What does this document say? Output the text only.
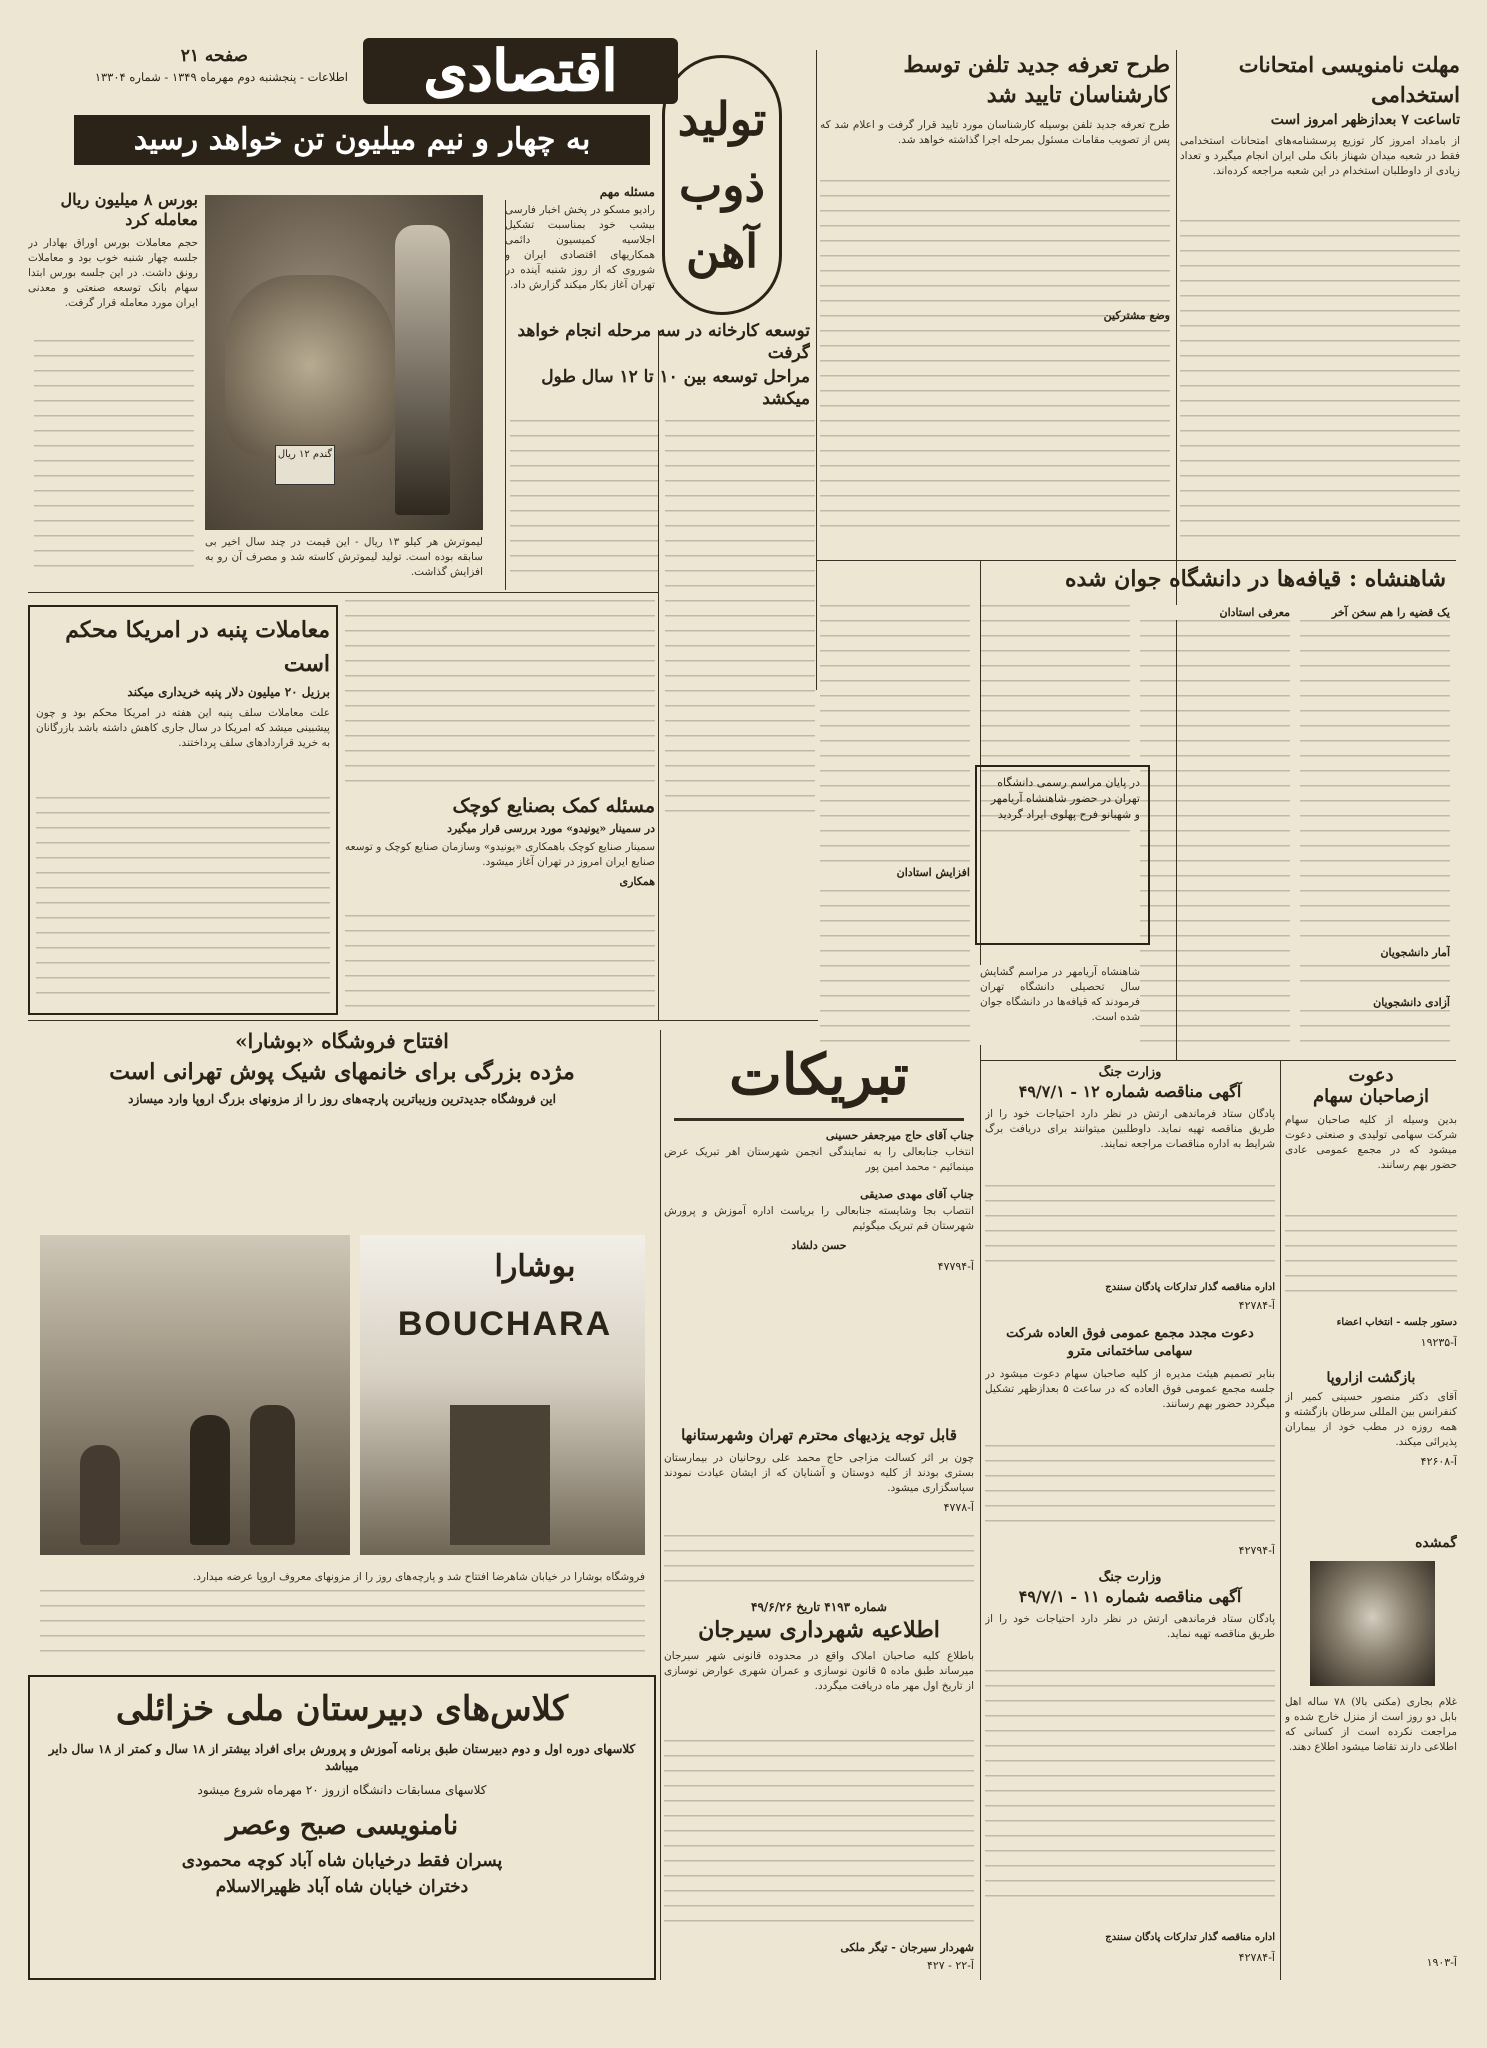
صفحه ۲۱
اطلاعات - پنجشنبه دوم مهرماه ۱۳۴۹ - شماره ۱۳۳۰۴	اقتصادی
به چهار و نیم میلیون تن خواهد رسید	تولید ذوب آهن
بورس ۸ میلیون ریال معامله کرد
حجم معاملات بورس اوراق بهادار در جلسه چهار شنبه خوب بود و معاملات رونق داشت. در این جلسه بورس ابتدا سهام بانک توسعه صنعتی و معدنی ایران مورد معامله قرار گرفت.
گندم ۱۲ ریال
لیموترش هر کیلو ۱۳ ریال - این قیمت در چند سال اخیر بی سابقه بوده است. تولید لیموترش کاسته شد و مصرف آن رو به افزایش گذاشت.
مسئله مهم
رادیو مسکو در پخش اخبار فارسی بیشب خود بمناسبت تشکیل اجلاسیه کمیسیون دائمی همکاریهای اقتصادی ایران و شوروی که از روز شنبه آینده در تهران آغاز بکار میکند گزارش داد.
توسعه کارخانه در سه مرحله انجام خواهد گرفت
مراحل توسعه بین ۱۰ تا ۱۲ سال طول میکشد
طرح تعرفه جدید تلفن توسط کارشناسان تایید شد
طرح تعرفه جدید تلفن بوسیله کارشناسان مورد تایید قرار گرفت و اعلام شد که پس از تصویب مقامات مسئول بمرحله اجرا گذاشته خواهد شد.
وضع مشترکین
مهلت نامنویسی امتحانات استخدامی
تاساعت ۷ بعدازظهر امروز است
از بامداد امروز کار توزیع پرسشنامه‌های امتحانات استخدامی فقط در شعبه میدان شهناز بانک ملی ایران انجام میگیرد و تعداد زیادی از داوطلبان استخدام در این شعبه مراجعه کرده‌اند.
معاملات پنبه در امریکا محکم است
برزیل ۲۰ میلیون دلار پنبه خریداری میکند
علت معاملات سلف پنبه این هفته در امریکا محکم بود و چون پیشبینی میشد که امریکا در سال جاری کاهش داشته باشد بازرگانان به خرید قراردادهای سلف پرداختند.
مسئله کمک بصنایع کوچک
در سمینار «یونیدو» مورد بررسی قرار میگیرد
سمینار صنایع کوچک باهمکاری «یونیدو» وسازمان صنایع کوچک و توسعه صنایع ایران امروز در تهران آغاز میشود.
همکاری
شاهنشاه : قیافه‌ها در دانشگاه جوان شده
در پایان مراسم رسمی دانشگاه تهران در حضور شاهنشاه آریامهر و شهبانو فرح پهلوی ایراد گردید
معرفی استادان
آمار دانشجویان
آزادی دانشجویان
افزایش استادان
یک قضیه را هم سخن آخر
شاهنشاه آریامهر در مراسم گشایش سال تحصیلی دانشگاه تهران فرمودند که قیافه‌ها در دانشگاه جوان شده است.
افتتاح فروشگاه «بوشارا»
مژده بزرگی برای خانمهای شیک پوش تهرانی است
این فروشگاه جدیدترین وزیباترین پارچه‌های روز را از مزونهای بزرگ اروپا وارد میسازد
بوشارا
BOUCHARA
فروشگاه بوشارا در خیابان شاهرضا افتتاح شد و پارچه‌های روز را از مزونهای معروف اروپا عرضه میدارد.
کلاس‌های دبیرستان ملی خزائلی
کلاسهای دوره اول و دوم دبیرستان طبق برنامه آموزش و پرورش برای افراد بیشتر از ۱۸ سال و کمتر از ۱۸ سال دایر میباشد
کلاسهای مسابقات دانشگاه ازروز ۲۰ مهرماه شروع میشود
نامنویسی صبح وعصر
پسران فقط درخیابان شاه آباد کوچه محمودی
دختران خیابان شاه آباد ظهیرالاسلام
تبریکات
جناب آقای حاج میرجعفر حسینی
انتخاب جنابعالی را به نمایندگی انجمن شهرستان اهر تبریک عرض مینمائیم - محمد امین پور
جناب آقای مهدی صدیقی
انتصاب بجا وشایسته جنابعالی را بریاست اداره آموزش و پرورش شهرستان قم تبریک میگوئیم
حسن دلشاد
آ-۴۷۷۹۴
قابل توجه یزدیهای محترم تهران وشهرستانها
چون بر اثر کسالت مزاجی حاج محمد علی روحانیان در بیمارستان بستری بودند از کلیه دوستان و آشنایان که از ایشان عیادت نمودند سپاسگزاری میشود.
آ-۴۷۷۸
شماره ۴۱۹۳ تاریخ ۴۹/۶/۲۶
اطلاعیه شهرداری سیرجان
باطلاع کلیه صاحبان املاک واقع در محدوده قانونی شهر سیرجان میرساند طبق ماده ۵ قانون نوسازی و عمران شهری عوارض نوسازی از تاریخ اول مهر ماه دریافت میگردد.
شهردار سیرجان - تیگر ملکی
آ-۲۲ - ۴۲۷
وزارت جنگ
آگهی مناقصه شماره ۱۲ - ۴۹/۷/۱
پادگان ستاد فرماندهی ارتش در نظر دارد احتیاجات خود را از طریق مناقصه تهیه نماید. داوطلبین میتوانند برای دریافت برگ شرایط به اداره مناقصات مراجعه نمایند.
اداره مناقصه گذار تدارکات پادگان سنندج
آ-۴۲۷۸۴
دعوت مجدد مجمع عمومی فوق العاده شرکت سهامی ساختمانی مترو
بنابر تصمیم هیئت مدیره از کلیه صاحبان سهام دعوت میشود در جلسه مجمع عمومی فوق العاده که در ساعت ۵ بعدازظهر تشکیل میگردد حضور بهم رسانند.
آ-۴۲۷۹۴
وزارت جنگ
آگهی مناقصه شماره ۱۱ - ۴۹/۷/۱
پادگان ستاد فرماندهی ارتش در نظر دارد احتیاجات خود را از طریق مناقصه تهیه نماید.
اداره مناقصه گذار تدارکات پادگان سنندج
آ-۴۲۷۸۴
دعوت
ازصاحبان سهام
بدین وسیله از کلیه صاحبان سهام شرکت سهامی تولیدی و صنعتی دعوت میشود که در مجمع عمومی عادی حضور بهم رسانند.
دستور جلسه - انتخاب اعضاء
آ-۱۹۲۳۵
بازگشت ازاروپا
آقای دکتر منصور حسینی کمیر از کنفرانس بین المللی سرطان بازگشته و همه روزه در مطب خود از بیماران پذیرائی میکند.
آ-۴۲۶۰۸
گمشده
غلام بجاری (مکنی بالا) ۷۸ ساله اهل بابل دو روز است از منزل خارج شده و مراجعت نکرده است از کسانی که اطلاعی دارند تقاضا میشود اطلاع دهند.
آ-۱۹۰۳
